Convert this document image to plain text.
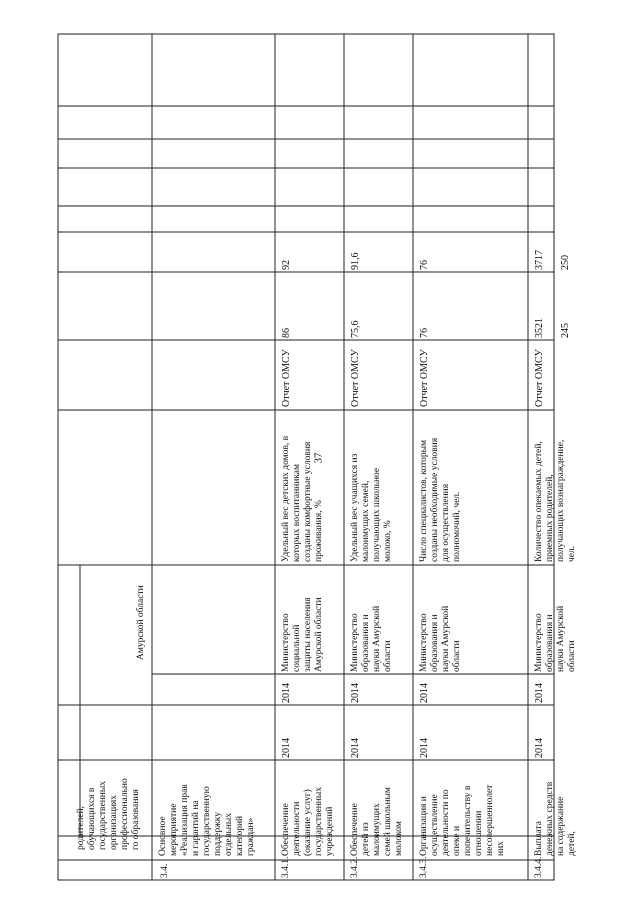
37
родителей,
обучающихся в
государственных
организациях
профессионально
го образования
Амурской области
3.4.
Основное
мероприятие
«Реализация прав
и гарантий на
государственную
поддержку
отдельных
категорий
граждан»
3.4.1.
Обеспечение
деятельности
(оказание услуг)
государственных
учреждений
2014
2014
Министерство
социальной
защиты населения
Амурской области
Удельный вес детских домов, в
которых воспитанникам
созданы комфортные условия
проживания, %
Отчет ОМСУ
86
92
3.4.2.
Обеспечение
детей из
малоимущих
семей школьным
молоком
2014
2014
Министерство
образования и
науки Амурской
области
Удельный вес учащихся из
малоимущих семей,
получающих школьное
молоко, %
Отчет ОМСУ
75,6
91,6
3.4.3.
Организация и
осуществление
деятельности по
опеке и
попечительству в
отношении
несовершеннолет
них
2014
2014
Министерство
образования и
науки Амурской
области
Число специалистов, которым
созданы необходимые условия
для осуществления
полномочий, чел.
Отчет ОМСУ
76
76
3.4.4.
Выплата
денежных средств
на содержание
детей,
2014
2014
Министерство
образования и
науки Амурской
области
Количество опекаемых детей,
приемных родителей,
получающих вознаграждение,
чел.
Отчет ОМСУ
3521	245
3717	250
